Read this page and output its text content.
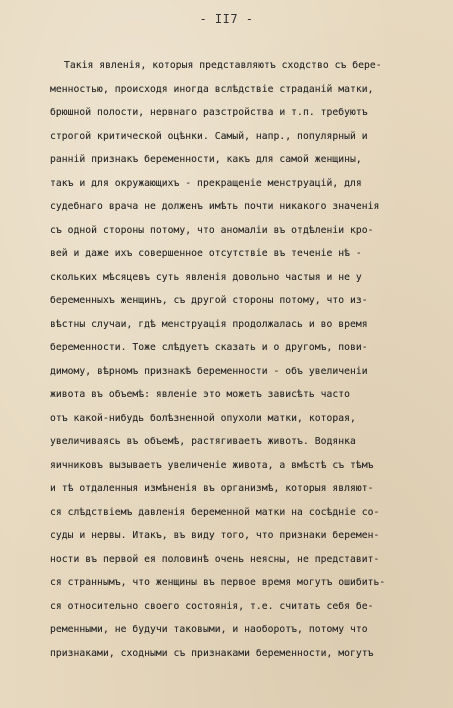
- II7 -
Такія явленія, которыя представляютъ сходство съ бере-
менностью, происходя иногда вслѣдствіе страданій матки,
брюшной полости, нервнаго разстройства и т.п. требуютъ
строгой критической оцѣнки. Самый, напр., популярный и
ранній признакъ беременности, какъ для самой женщины,
такъ и для окружающихъ - прекращеніе менструацій, для
судебнаго врача не долженъ имѣть почти никакого значенія
съ одной стороны потому, что аномаліи въ отдѣленіи кро-
вей и даже ихъ совершенное отсутствіе въ теченіе нѣ -
скольких мѣсяцевъ суть явленія довольно частыя и не у
беременныхъ женщинъ, съ другой стороны потому, что из-
вѣстны случаи, гдѣ менструація продолжалась и во время
беременности. Тоже слѣдуетъ сказать и о другомъ, пови-
димому, вѣрномъ признакѣ беременности - объ увеличеніи
живота въ объемѣ: явленіе это можетъ зависѣть часто
отъ какой-нибудь болѣзненной опухоли матки, которая,
увеличиваясь въ объемѣ, растягиваетъ животъ. Водянка
яичниковъ вызываетъ увеличеніе живота, а вмѣстѣ съ тѣмъ
и тѣ отдаленныя измѣненія въ организмѣ, которыя являют-
ся слѣдствіемъ давленія беременной матки на сосѣдніе со-
суды и нервы. Итакъ, въ виду того, что признаки беремен-
ности въ первой ея половинѣ очень неясны, не представит-
ся страннымъ, что женщины въ первое время могутъ ошибить-
ся относительно своего состоянія, т.е. считать себя бе-
ременными, не будучи таковыми, и наоборотъ, потому что
признаками, сходными съ признаками беременности, могутъ
